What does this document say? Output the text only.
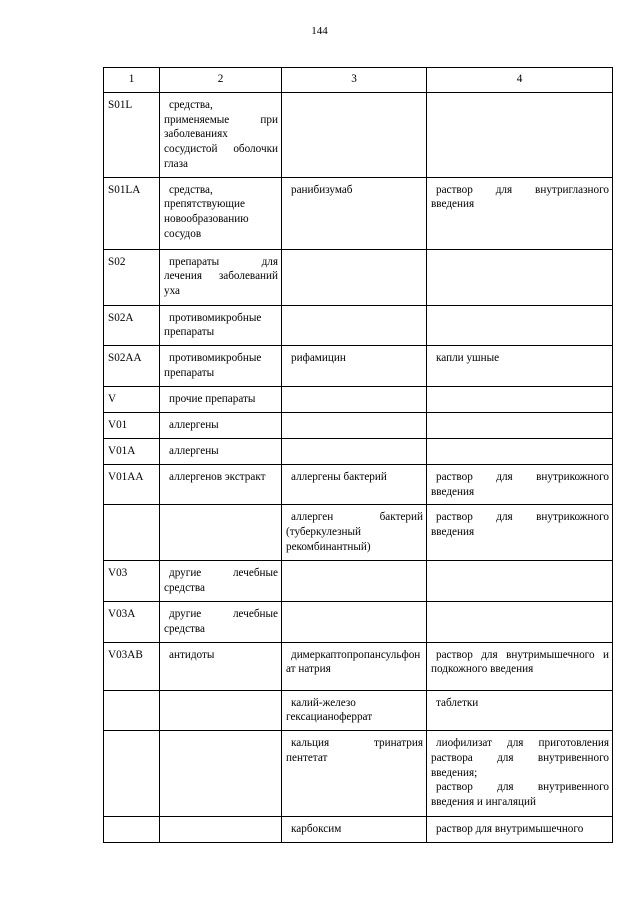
144
1	2	3	4
S01L	средства, применяемые при заболеваниях сосудистой оболочки глаза		

S01LA	средства, препятствующие новообразованию сосудов	ранибизумаб	раствор для внутриглазного введения

S02	препараты для лечения заболеваний уха		

S02A	противомикробные препараты		

S02AA	противомикробные препараты	рифамицин	капли ушные

V	прочие препараты		

V01	аллергены		

V01A	аллергены		

V01AA	аллергенов экстракт	аллергены бактерий	раствор для внутрикожного введения

		аллерген бактерий (туберкулезный рекомбинантный)	раствор для внутрикожного введения

V03	другие лечебные средства		

V03A	другие лечебные средства		

V03AB	антидоты	димеркаптопропансульфонат натрия	раствор для внутримышечного и подкожного введения

		калий-железо гексацианоферрат	таблетки

		кальция тринатрия пентетат	лиофилизат для приготовления раствора для внутривенного введения;
раствор для внутривенного введения и ингаляций

		карбоксим	раствор для внутримышечного
